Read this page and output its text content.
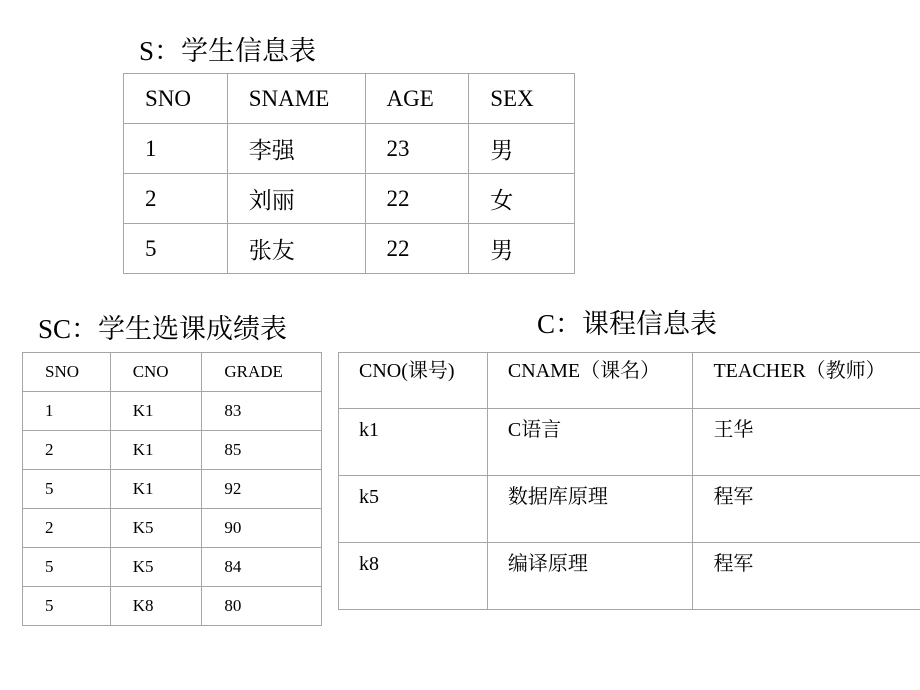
S：学生信息表
SNO	SNAME	AGE	SEX
1	李强	23	男
2	刘丽	22	女
5	张友	22	男
SC：学生选课成绩表	C：课程信息表
SNO	CNO	GRADE
1	K1	83
2	K1	85
5	K1	92
2	K5	90
5	K5	84
5	K8	80
CNO(课号)	CNAME（课名）	TEACHER（教师）
k1	C语言	王华
k5	数据库原理	程军
k8	编译原理	程军
